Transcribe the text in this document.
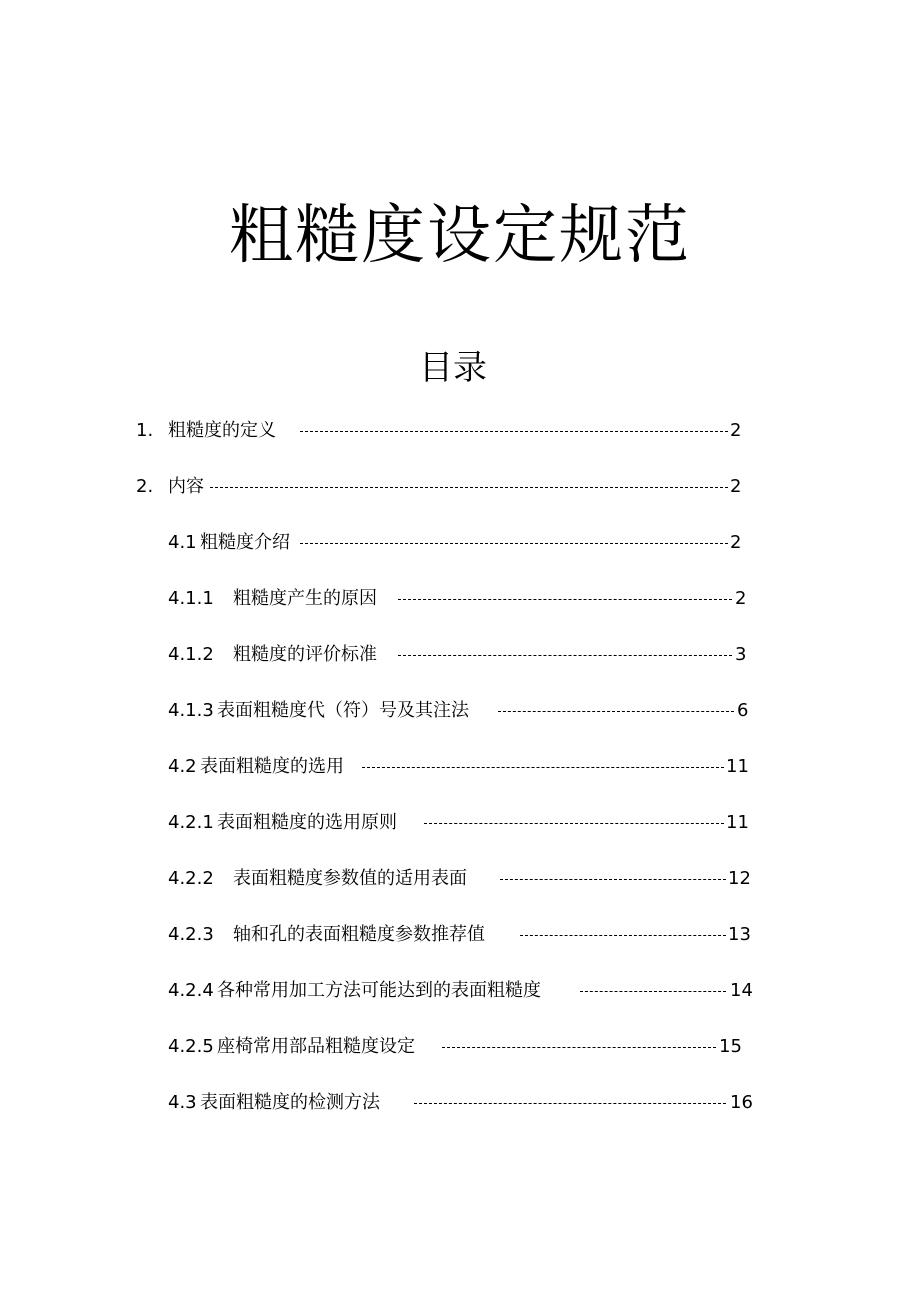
粗糙度设定规范
目录
1. 粗糙度的定义	2
2. 内容	2
4.1 粗糙度介绍	2
4.1.1 粗糙度产生的原因	2
4.1.2 粗糙度的评价标准	3
4.1.3 表面粗糙度代（符）号及其注法	6
4.2 表面粗糙度的选用	11
4.2.1 表面粗糙度的选用原则	11
4.2.2 表面粗糙度参数值的适用表面	12
4.2.3 轴和孔的表面粗糙度参数推荐值	13
4.2.4 各种常用加工方法可能达到的表面粗糙度	14
4.2.5 座椅常用部品粗糙度设定	15
4.3 表面粗糙度的检测方法	16
